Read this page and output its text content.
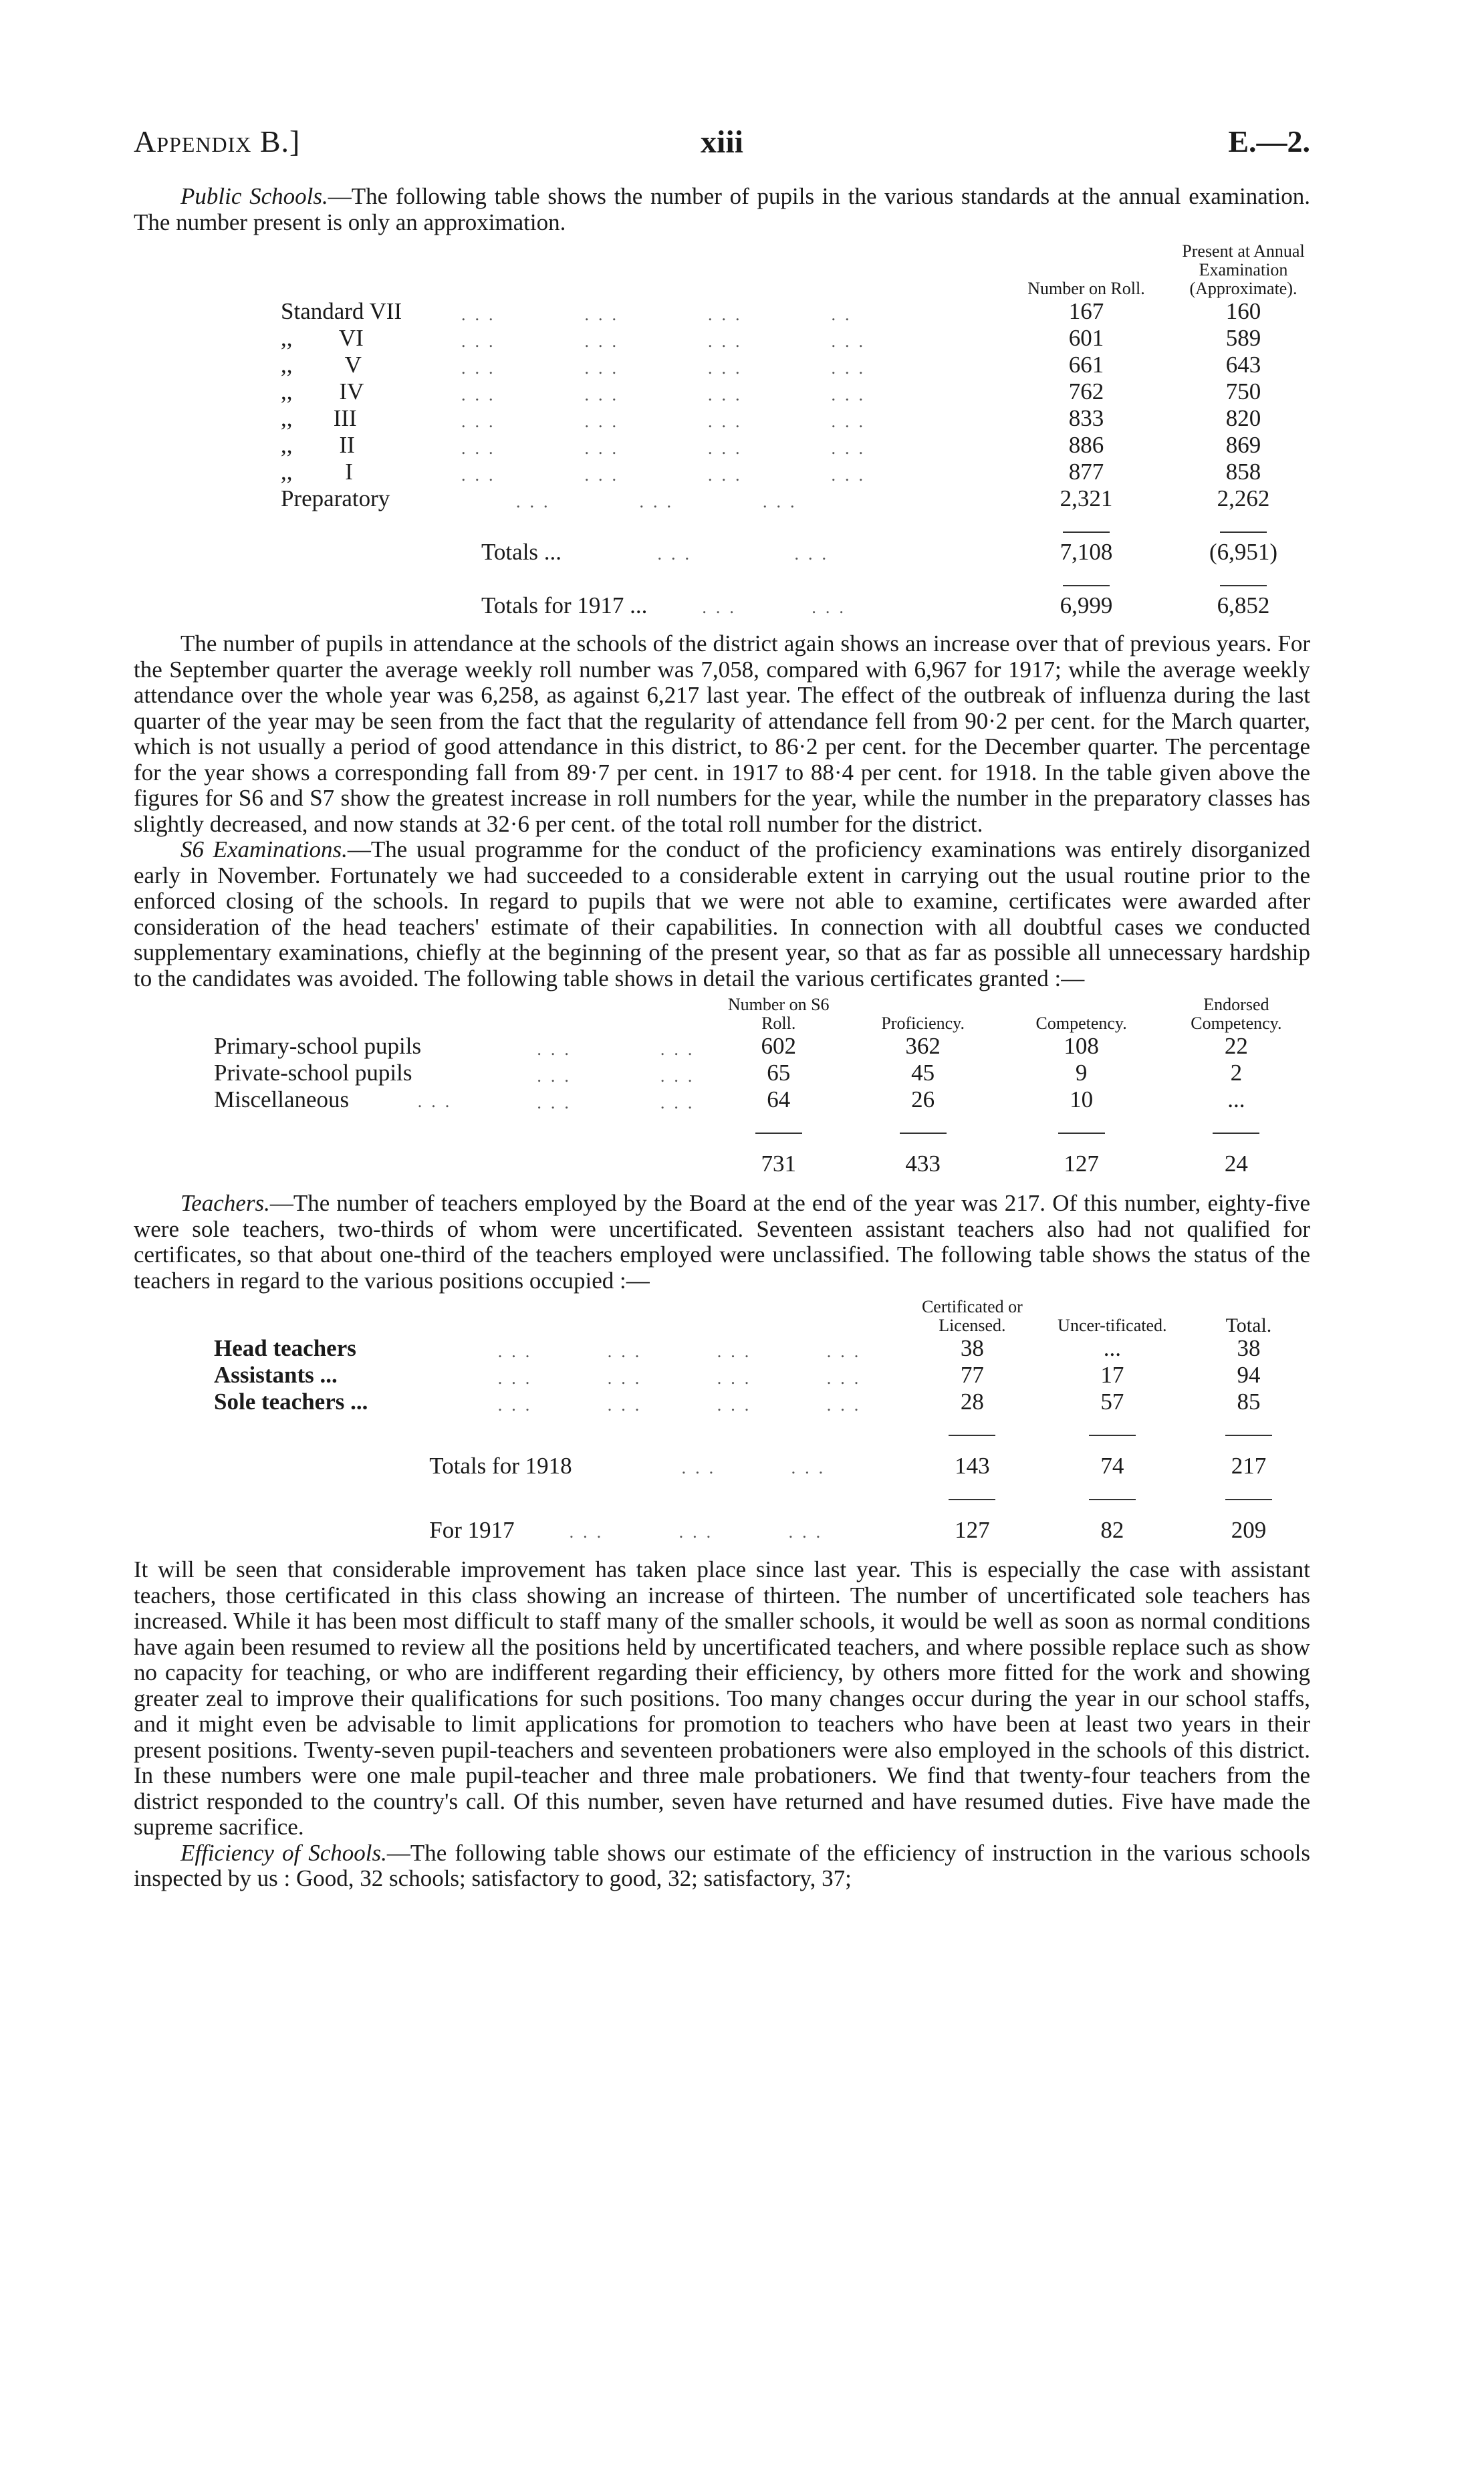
Appendix B.]	xiii	E.—2.

Public Schools.—The following table shows the number of pupils in the various standards at the annual examination. The number present is only an approximation.

		Number on Roll.	Present at Annual Examination (Approximate).
Standard VII	...      ...      ...      ..	167	160
,,        VI	...      ...      ...      ...	601	589
,,         V	...      ...      ...      ...	661	643
,,        IV	...      ...      ...      ...	762	750
,,       III	...      ...      ...      ...	833	820
,,        II	...      ...      ...      ...	886	869
,,         I	...      ...      ...      ...	877	858
Preparatory	...      ...      ...	2,321	2,262

	Totals ...       ...       ...	7,108	(6,951)

	Totals for 1917 ...    ...     ...	6,999	6,852

The number of pupils in attendance at the schools of the district again shows an increase over that of previous years. For the September quarter the average weekly roll number was 7,058, compared with 6,967 for 1917; while the average weekly attendance over the whole year was 6,258, as against 6,217 last year. The effect of the outbreak of influenza during the last quarter of the year may be seen from the fact that the regularity of attendance fell from 90·2 per cent. for the March quarter, which is not usually a period of good attendance in this district, to 86·2 per cent. for the December quarter. The percentage for the year shows a corresponding fall from 89·7 per cent. in 1917 to 88·4 per cent. for 1918. In the table given above the figures for S6 and S7 show the greatest increase in roll numbers for the year, while the number in the preparatory classes has slightly decreased, and now stands at 32·6 per cent. of the total roll number for the district.

S6 Examinations.—The usual programme for the conduct of the proficiency examinations was entirely disorganized early in November. Fortunately we had succeeded to a considerable extent in carrying out the usual routine prior to the enforced closing of the schools. In regard to pupils that we were not able to examine, certificates were awarded after consideration of the head teachers' estimate of their capabilities. In connection with all doubtful cases we conducted supplementary examinations, chiefly at the beginning of the present year, so that as far as possible all unnecessary hardship to the candidates was avoided. The following table shows in detail the various certificates granted :—

		Number on S6 Roll.	Proficiency.	Competency.	Endorsed Competency.
Primary-school pupils	...      ...	602	362	108	22
Private-school pupils	...      ...	65	45	9	2
Miscellaneous     ...	...      ...	64	26	10	...

		731	433	127	24

Teachers.—The number of teachers employed by the Board at the end of the year was 217. Of this number, eighty-five were sole teachers, two-thirds of whom were uncertificated. Seventeen assistant teachers also had not qualified for certificates, so that about one-third of the teachers employed were unclassified. The following table shows the status of the teachers in regard to the various positions occupied :—

		Certificated or Licensed.	Uncer-tificated.	Total.
Head teachers	...     ...     ...     ...	38	...	38
Assistants ...	...     ...     ...     ...	77	17	94
Sole teachers ...	...     ...     ...     ...	28	57	85

	Totals for 1918        ...     ...	143	74	217

	For 1917    ...     ...     ...	127	82	209

It will be seen that considerable improvement has taken place since last year. This is especially the case with assistant teachers, those certificated in this class showing an increase of thirteen. The number of uncertificated sole teachers has increased. While it has been most difficult to staff many of the smaller schools, it would be well as soon as normal conditions have again been resumed to review all the positions held by uncertificated teachers, and where possible replace such as show no capacity for teaching, or who are indifferent regarding their efficiency, by others more fitted for the work and showing greater zeal to improve their qualifications for such positions. Too many changes occur during the year in our school staffs, and it might even be advisable to limit applications for promotion to teachers who have been at least two years in their present positions. Twenty-seven pupil-teachers and seventeen probationers were also employed in the schools of this district. In these numbers were one male pupil-teacher and three male probationers. We find that twenty-four teachers from the district responded to the country's call. Of this number, seven have returned and have resumed duties. Five have made the supreme sacrifice.

Efficiency of Schools.—The following table shows our estimate of the efficiency of instruction in the various schools inspected by us : Good, 32 schools; satisfactory to good, 32; satisfactory, 37;
